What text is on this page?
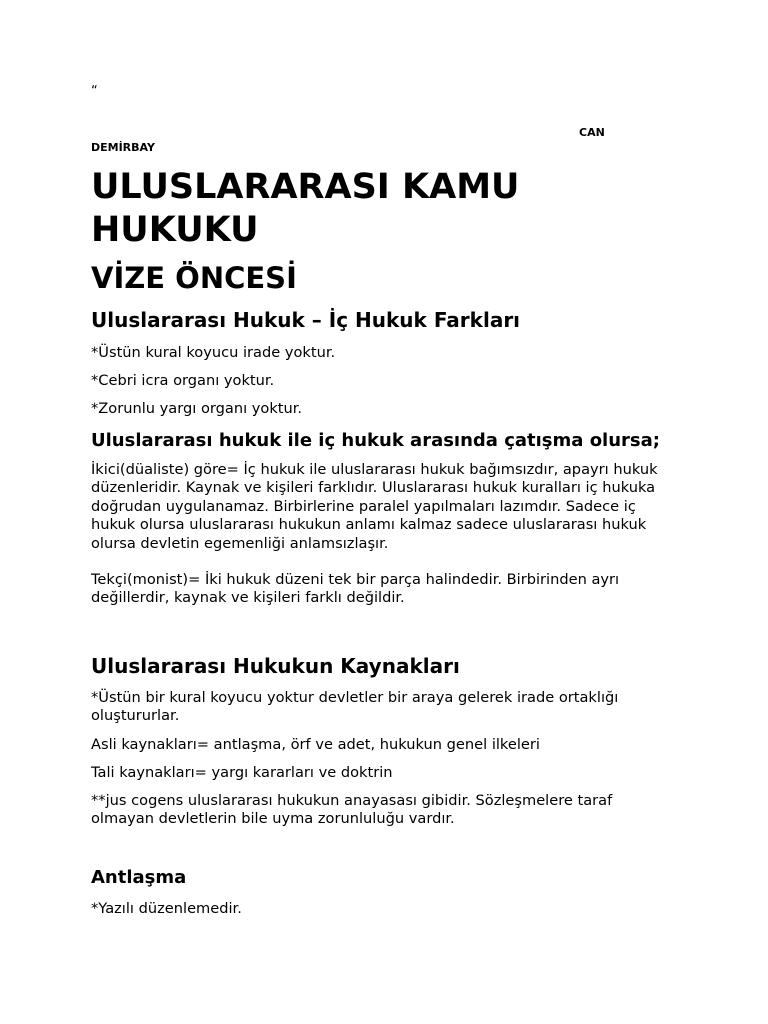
“
CAN
DEMİRBAY
ULUSLARARASI KAMU HUKUKU
VİZE ÖNCESİ
Uluslararası Hukuk – İç Hukuk Farkları

*Üstün kural koyucu irade yoktur.

*Cebri icra organı yoktur.

*Zorunlu yargı organı yoktur.

Uluslararası hukuk ile iç hukuk arasında çatışma olursa;

İkici(düaliste) göre= İç hukuk ile uluslararası hukuk bağımsızdır, apayrı hukuk düzenleridir. Kaynak ve kişileri farklıdır. Uluslararası hukuk kuralları iç hukuka doğrudan uygulanamaz. Birbirlerine paralel yapılmaları lazımdır. Sadece iç hukuk olursa uluslararası hukukun anlamı kalmaz sadece uluslararası hukuk olursa devletin egemenliği anlamsızlaşır.

Tekçi(monist)= İki hukuk düzeni tek bir parça halindedir. Birbirinden ayrı değillerdir, kaynak ve kişileri farklı değildir.

Uluslararası Hukukun Kaynakları

*Üstün bir kural koyucu yoktur devletler bir araya gelerek irade ortaklığı oluştururlar.

Asli kaynakları= antlaşma, örf ve adet, hukukun genel ilkeleri

Tali kaynakları= yargı kararları ve doktrin

**jus cogens uluslararası hukukun anayasası gibidir. Sözleşmelere taraf olmayan devletlerin bile uyma zorunluluğu vardır.

Antlaşma

*Yazılı düzenlemedir.
